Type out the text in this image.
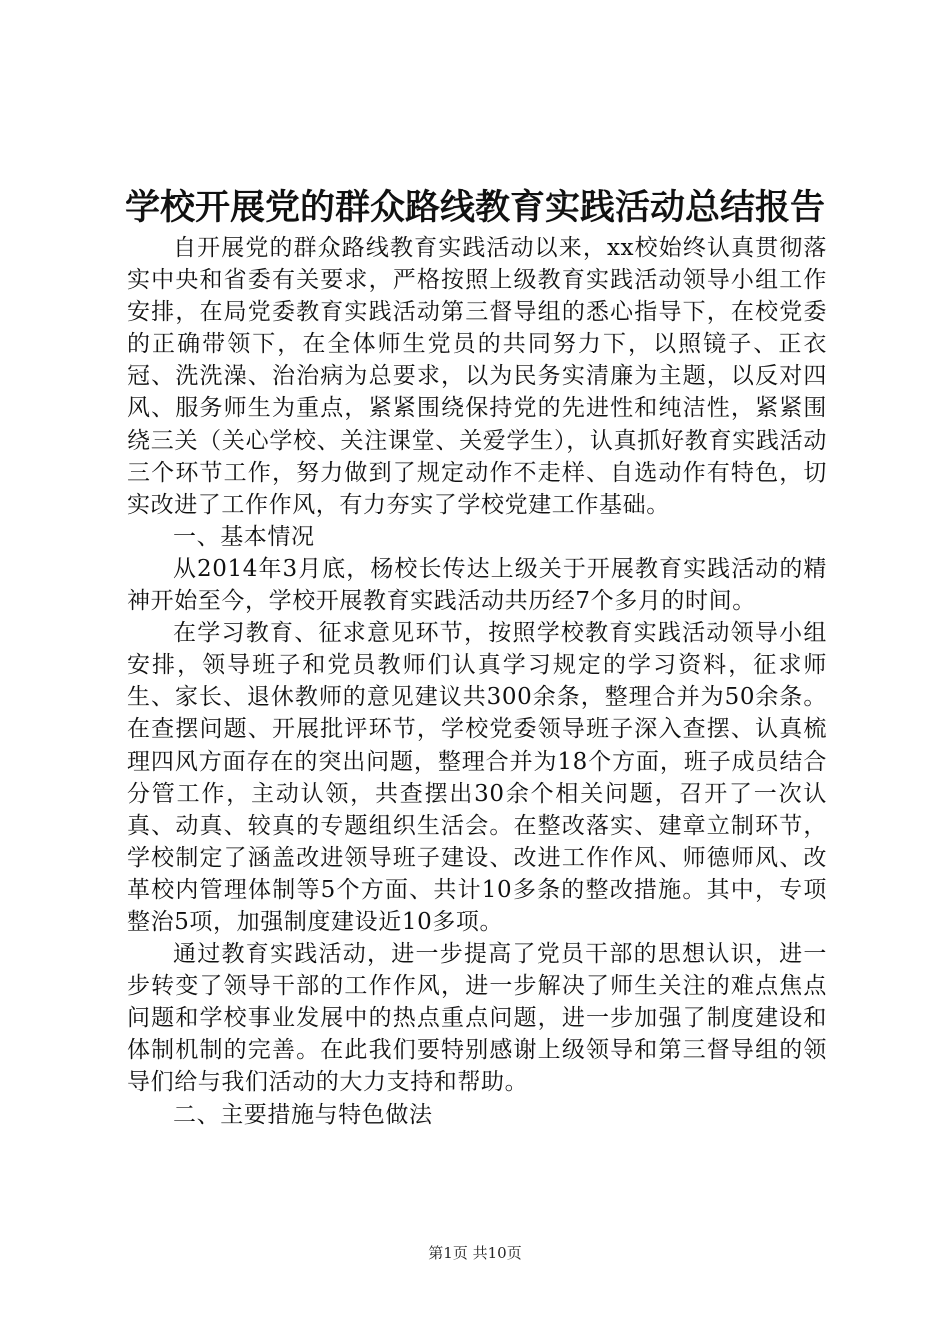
学校开展党的群众路线教育实践活动总结报告

自开展党的群众路线教育实践活动以来，xx校始终认真贯彻落实中央和省委有关要求，严格按照上级教育实践活动领导小组工作安排，在局党委教育实践活动第三督导组的悉心指导下，在校党委的正确带领下，在全体师生党员的共同努力下，以照镜子、正衣冠、洗洗澡、治治病为总要求，以为民务实清廉为主题，以反对四风、服务师生为重点，紧紧围绕保持党的先进性和纯洁性，紧紧围绕三关（关心学校、关注课堂、关爱学生），认真抓好教育实践活动三个环节工作，努力做到了规定动作不走样、自选动作有特色，切实改进了工作作风，有力夯实了学校党建工作基础。

一、基本情况

从2014年3月底，杨校长传达上级关于开展教育实践活动的精神开始至今，学校开展教育实践活动共历经7个多月的时间。

在学习教育、征求意见环节，按照学校教育实践活动领导小组安排，领导班子和党员教师们认真学习规定的学习资料，征求师生、家长、退休教师的意见建议共300余条，整理合并为50余条。在查摆问题、开展批评环节，学校党委领导班子深入查摆、认真梳理四风方面存在的突出问题，整理合并为18个方面，班子成员结合分管工作，主动认领，共查摆出30余个相关问题，召开了一次认真、动真、较真的专题组织生活会。在整改落实、建章立制环节，学校制定了涵盖改进领导班子建设、改进工作作风、师德师风、改革校内管理体制等5个方面、共计10多条的整改措施。其中，专项整治5项，加强制度建设近10多项。

通过教育实践活动，进一步提高了党员干部的思想认识，进一步转变了领导干部的工作作风，进一步解决了师生关注的难点焦点问题和学校事业发展中的热点重点问题，进一步加强了制度建设和体制机制的完善。在此我们要特别感谢上级领导和第三督导组的领导们给与我们活动的大力支持和帮助。

二、主要措施与特色做法

第1页 共10页
